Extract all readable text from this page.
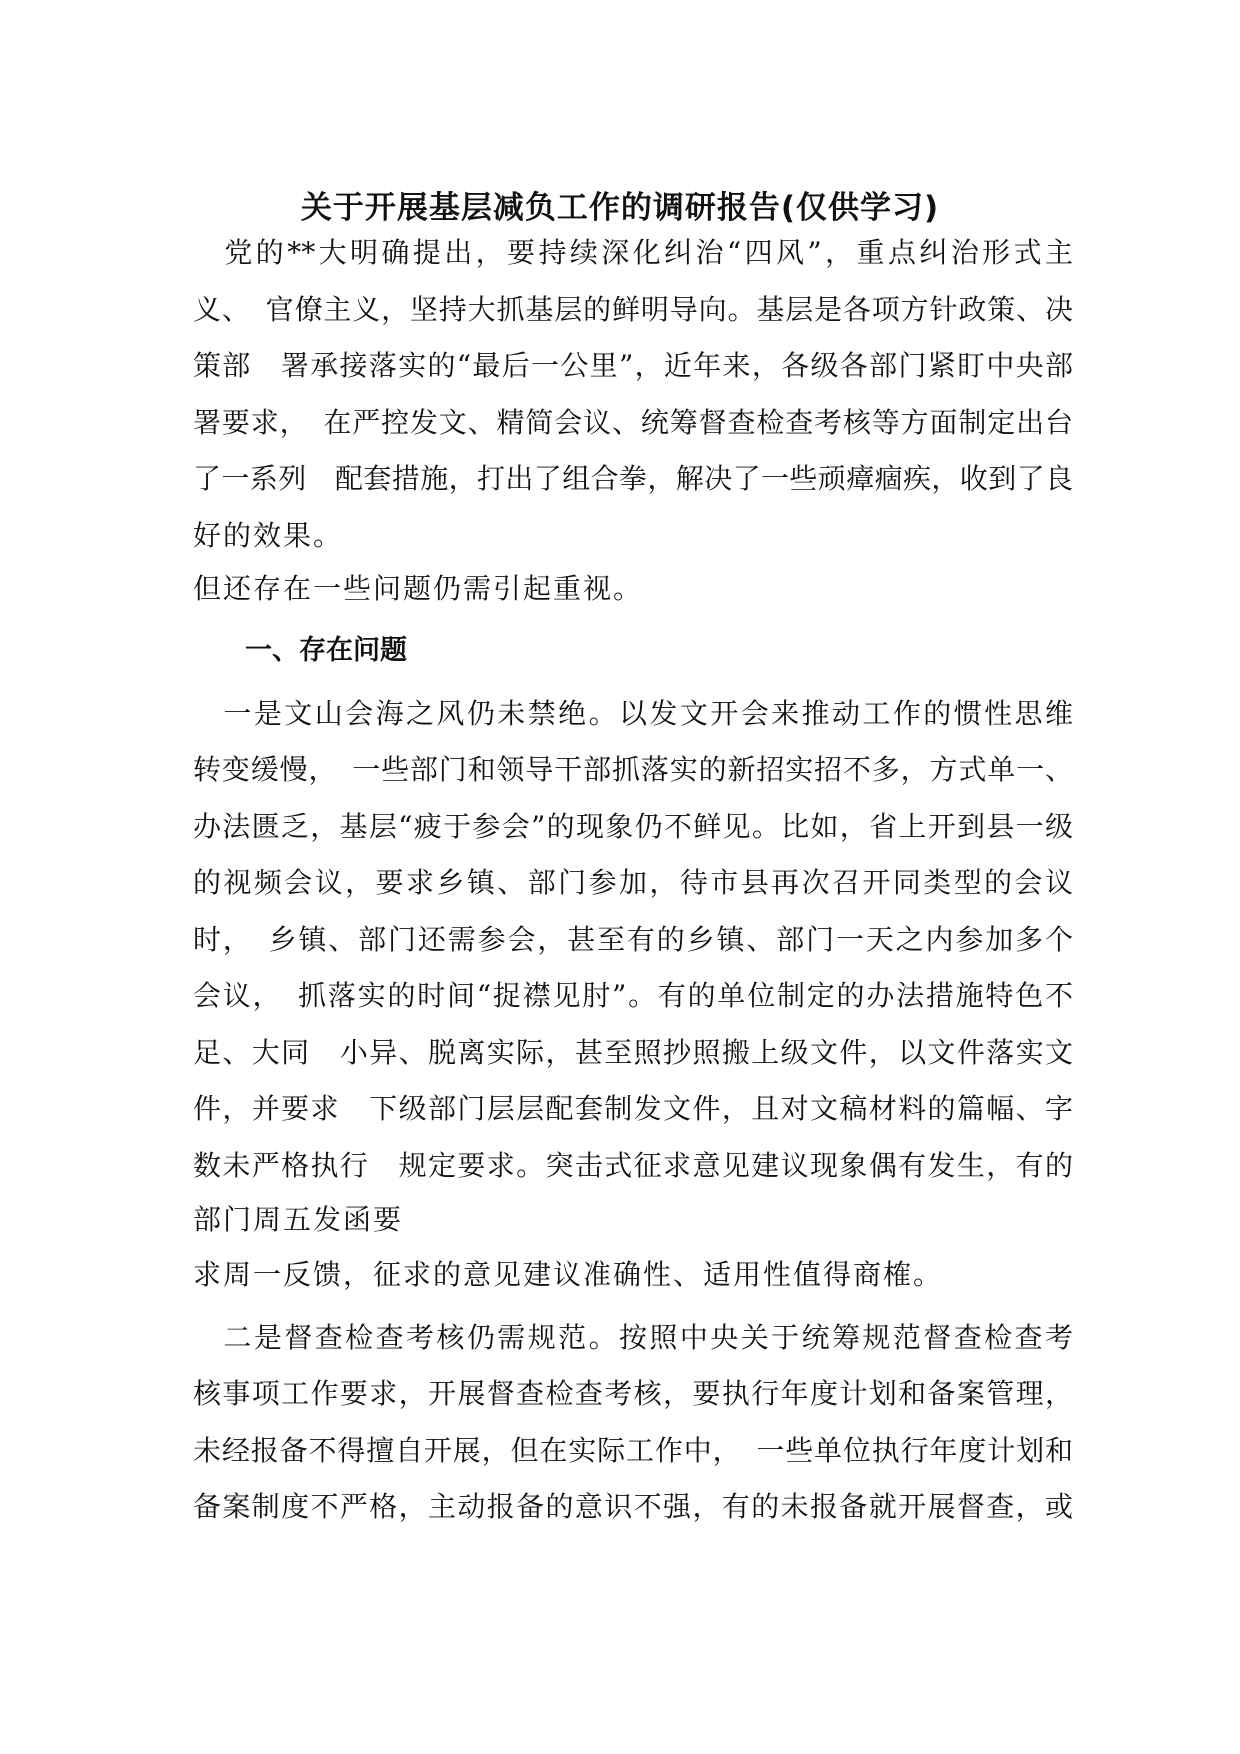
关于开展基层减负工作的调研报告(仅供学习)

　党的**大明确提出，要持续深化纠治“四风”，重点纠治形式主

义、　官僚主义，坚持大抓基层的鲜明导向。基层是各项方针政策、决

策部　署承接落实的“最后一公里”，近年来，各级各部门紧盯中央部

署要求，　在严控发文、精简会议、统筹督查检查考核等方面制定出台

了一系列　配套措施，打出了组合拳，解决了一些顽瘴痼疾，收到了良

好的效果。

但还存在一些问题仍需引起重视。

一、存在问题

　一是文山会海之风仍未禁绝。以发文开会来推动工作的惯性思维

转变缓慢，　一些部门和领导干部抓落实的新招实招不多，方式单一、

办法匮乏，基层“疲于参会”的现象仍不鲜见。比如，省上开到县一级

的视频会议，要求乡镇、部门参加，待市县再次召开同类型的会议

时，　乡镇、部门还需参会，甚至有的乡镇、部门一天之内参加多个

会议，　抓落实的时间“捉襟见肘”。有的单位制定的办法措施特色不

足、大同　小异、脱离实际，甚至照抄照搬上级文件，以文件落实文

件，并要求　下级部门层层配套制发文件，且对文稿材料的篇幅、字

数未严格执行　规定要求。突击式征求意见建议现象偶有发生，有的

部门周五发函要

求周一反馈，征求的意见建议准确性、适用性值得商榷。

　二是督查检查考核仍需规范。按照中央关于统筹规范督查检查考

核事项工作要求，开展督查检查考核，要执行年度计划和备案管理，

未经报备不得擅自开展，但在实际工作中，　一些单位执行年度计划和

备案制度不严格，主动报备的意识不强，有的未报备就开展督查，或
